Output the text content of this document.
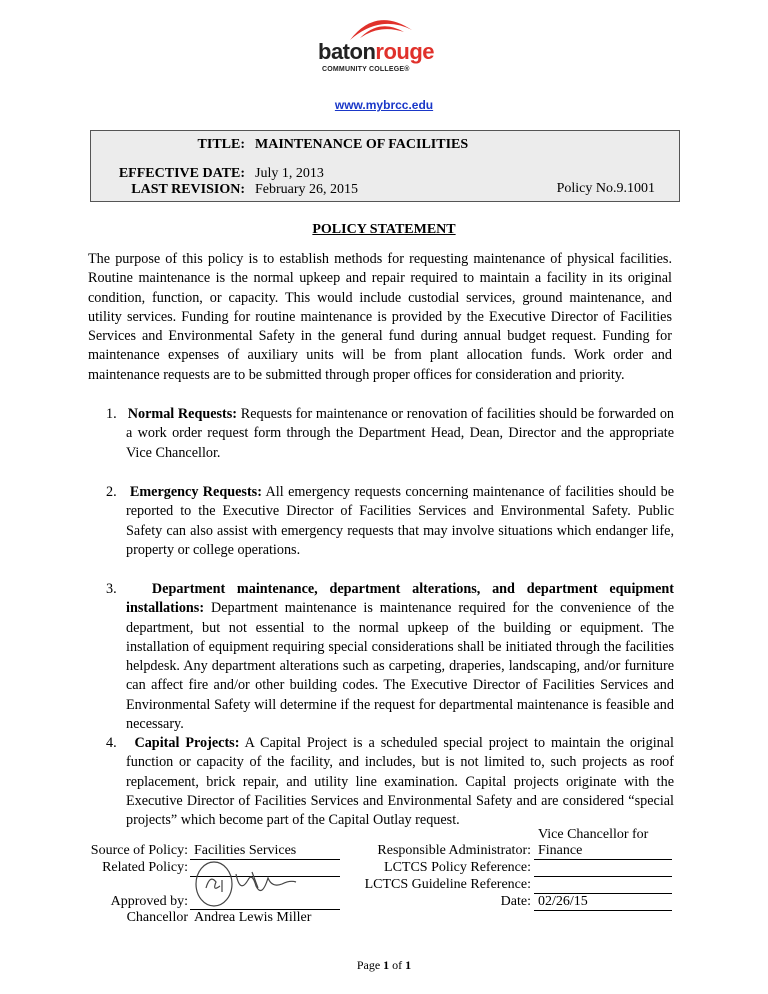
batonrouge
COMMUNITY COLLEGE®
www.mybrcc.edu
TITLE: MAINTENANCE OF FACILITIES
EFFECTIVE DATE: July 1, 2013
LAST REVISION: February 26, 2015	Policy No.9.1001
POLICY STATEMENT
The purpose of this policy is to establish methods for requesting maintenance of physical facilities. Routine maintenance is the normal upkeep and repair required to maintain a facility in its original condition, function, or capacity. This would include custodial services, ground maintenance, and utility services. Funding for routine maintenance is provided by the Executive Director of Facilities Services and Environmental Safety in the general fund during annual budget request. Funding for maintenance expenses of auxiliary units will be from plant allocation funds. Work order and maintenance requests are to be submitted through proper offices for consideration and priority.
1. Normal Requests: Requests for maintenance or renovation of facilities should be forwarded on a work order request form through the Department Head, Dean, Director and the appropriate Vice Chancellor.
2. Emergency Requests: All emergency requests concerning maintenance of facilities should be reported to the Executive Director of Facilities Services and Environmental Safety. Public Safety can also assist with emergency requests that may involve situations which endanger life, property or college operations.
3. Department maintenance, department alterations, and department equipment installations: Department maintenance is maintenance required for the convenience of the department, but not essential to the normal upkeep of the building or equipment. The installation of equipment requiring special considerations shall be initiated through the facilities helpdesk. Any department alterations such as carpeting, draperies, landscaping, and/or furniture can affect fire and/or other building codes. The Executive Director of Facilities Services and Environmental Safety will determine if the request for departmental maintenance is feasible and necessary.
4. Capital Projects: A Capital Project is a scheduled special project to maintain the original function or capacity of the facility, and includes, but is not limited to, such projects as roof replacement, brick repair, and utility line examination. Capital projects originate with the Executive Director of Facilities Services and Environmental Safety and are considered “special projects” which become part of the Capital Outlay request.
Source of Policy: Facilities Services
Related Policy:
Approved by:
Chancellor Andrea Lewis Miller
Vice Chancellor for
Responsible Administrator: Finance
LCTCS Policy Reference:
LCTCS Guideline Reference:
Date: 02/26/15
Page 1 of 1
